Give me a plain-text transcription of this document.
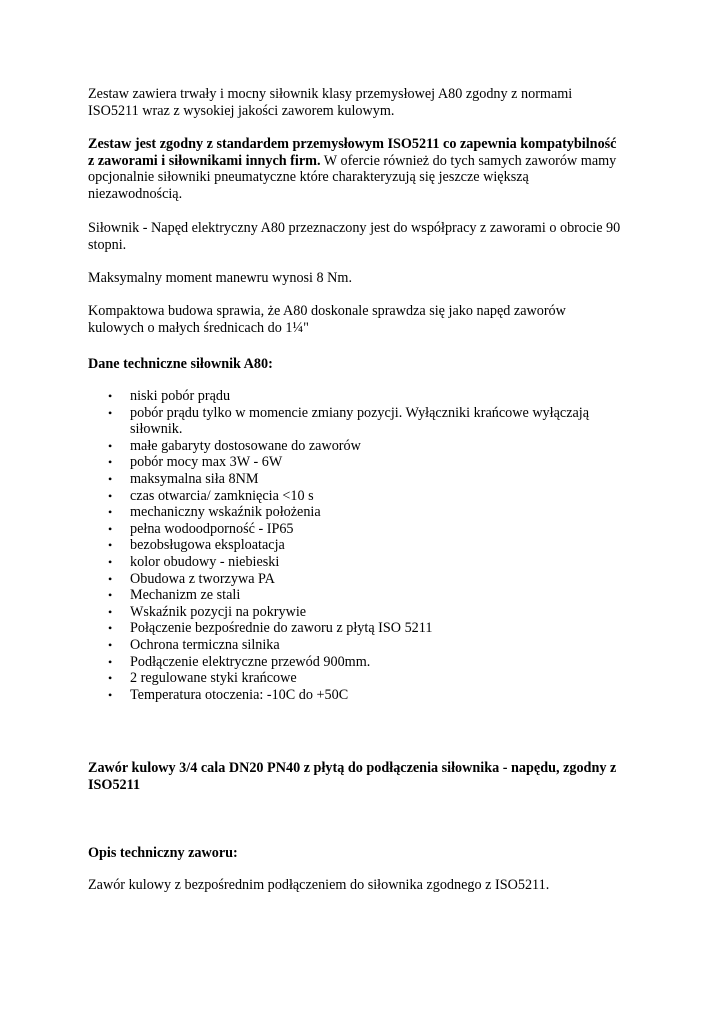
Zestaw zawiera trwały i mocny siłownik klasy przemysłowej A80 zgodny z normami
ISO5211 wraz z wysokiej jakości zaworem kulowym.

Zestaw jest zgodny z standardem przemysłowym ISO5211 co zapewnia kompatybilność
z zaworami i siłownikami innych firm. W ofercie również do tych samych zaworów mamy
opcjonalnie siłowniki pneumatyczne które charakteryzują się jeszcze większą
niezawodnością.

Siłownik - Napęd elektryczny A80 przeznaczony jest do współpracy z zaworami o obrocie 90
stopni.

Maksymalny moment manewru wynosi 8 Nm.

Kompaktowa budowa sprawia, że A80 doskonale sprawdza się jako napęd zaworów
kulowych o małych średnicach do 1¼"

Dane techniczne siłownik A80:

• niski pobór prądu
• pobór prądu tylko w momencie zmiany pozycji. Wyłączniki krańcowe wyłączają
siłownik.
• małe gabaryty dostosowane do zaworów
• pobór mocy max 3W - 6W
• maksymalna siła 8NM
• czas otwarcia/ zamknięcia <10 s
• mechaniczny wskaźnik położenia
• pełna wodoodporność - IP65
• bezobsługowa eksploatacja
• kolor obudowy - niebieski
• Obudowa z tworzywa PA
• Mechanizm ze stali
• Wskaźnik pozycji na pokrywie
• Połączenie bezpośrednie do zaworu z płytą ISO 5211
• Ochrona termiczna silnika
• Podłączenie elektryczne przewód 900mm.
• 2 regulowane styki krańcowe
• Temperatura otoczenia: -10C do +50C

Zawór kulowy 3/4 cala DN20 PN40 z płytą do podłączenia siłownika - napędu, zgodny z
ISO5211

Opis techniczny zaworu:

Zawór kulowy z bezpośrednim podłączeniem do siłownika zgodnego z ISO5211.
